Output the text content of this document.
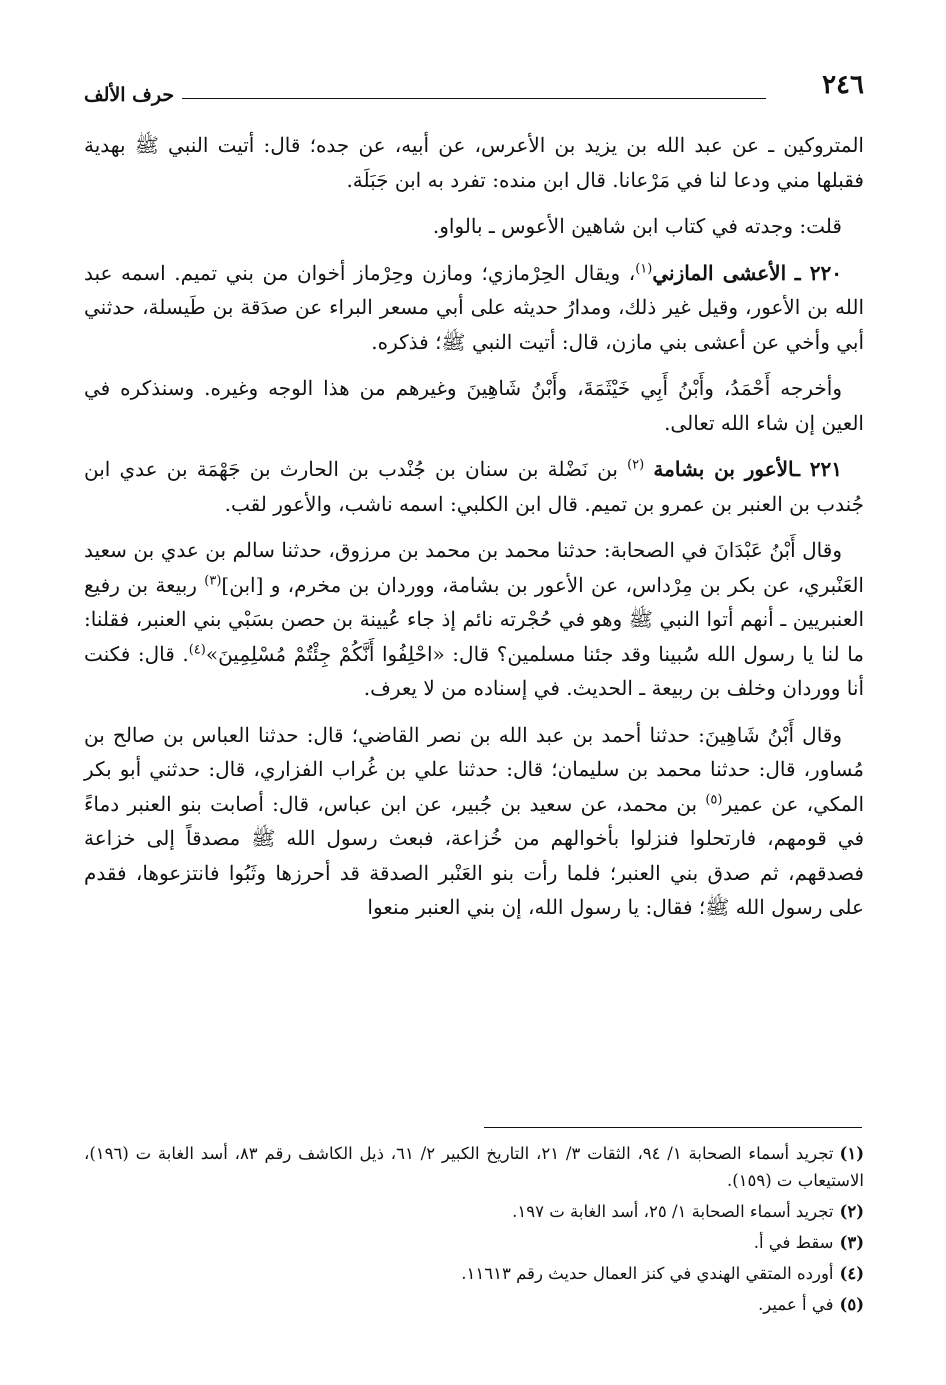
٢٤٦
حرف الألف

المتروكين ـ عن عبد الله بن يزيد بن الأعرس، عن أبيه، عن جده؛ قال: أتيت النبي ﷺ بهدية فقبلها مني ودعا لنا في مَرْعانا. قال ابن منده: تفرد به ابن جَبَلَة.

قلت: وجدته في كتاب ابن شاهين الأعوس ـ بالواو.

٢٢٠ ـ الأعشى المازني$^{(١)}$، ويقال الحِرْمازي؛ ومازن وحِرْماز أخوان من بني تميم. اسمه عبد الله بن الأعور، وقيل غير ذلك، ومدارُ حديثه على أبي مسعر البراء عن صدَقة بن طَيسلة، حدثني أبي وأخي عن أعشى بني مازن، قال: أتيت النبي ﷺ؛ فذكره.

وأخرجه أَحْمَدُ، وأَبْنُ أَبِي خَيْثَمَةَ، وأَبْنُ شَاهِينَ وغيرهم من هذا الوجه وغيره. وسنذكره في العين إن شاء الله تعالى.

٢٢١ ـالأعور بن بشامة $^{(٢)}$ بن نَضْلة بن سنان بن جُنْدب بن الحارث بن جَهْمَة بن عدي ابن جُندب بن العنبر بن عمرو بن تميم. قال ابن الكلبي: اسمه ناشب، والأعور لقب.

وقال أَبْنُ عَبْدَانَ في الصحابة: حدثنا محمد بن محمد بن مرزوق، حدثنا سالم بن عدي بن سعيد العَنْبري، عن بكر بن مِرْداس، عن الأعور بن بشامة، ووردان بن مخرم، و [ابن]$^{(٣)}$ ربيعة بن رفيع العنبريين ـ أنهم أتوا النبي ﷺ وهو في حُجْرته نائم إذ جاء عُيينة بن حصن بسَبْي بني العنبر، فقلنا: ما لنا يا رسول الله سُبينا وقد جئنا مسلمين؟ قال: «احْلِفُوا أَنَّكُمْ جِئْتُمْ مُسْلِمِينَ»$^{(٤)}$. قال: فكنت أنا ووردان وخلف بن ربيعة ـ الحديث. في إسناده من لا يعرف.

وقال أَبْنُ شَاهِينَ: حدثنا أحمد بن عبد الله بن نصر القاضي؛ قال: حدثنا العباس بن صالح بن مُساور، قال: حدثنا محمد بن سليمان؛ قال: حدثنا علي بن غُراب الفزاري، قال: حدثني أبو بكر المكي، عن عمير$^{(٥)}$ بن محمد، عن سعيد بن جُبير، عن ابن عباس، قال: أصابت بنو العنبر دماءً في قومهم، فارتحلوا فنزلوا بأخوالهم من خُزاعة، فبعث رسول الله ﷺ مصدقاً إلى خزاعة فصدقهم، ثم صدق بني العنبر؛ فلما رأت بنو العَنْبر الصدقة قد أحرزها وثَبُوا فانتزعوها، فقدم على رسول الله ﷺ؛ فقال: يا رسول الله، إن بني العنبر منعوا

(١)تجريد أسماء الصحابة ١/ ٩٤، الثقات ٣/ ٢١، التاريخ الكبير ٢/ ٦١، ذيل الكاشف رقم ٨٣، أسد الغابة ت (١٩٦)، الاستيعاب ت (١٥٩).
(٢)تجريد أسماء الصحابة ١/ ٢٥، أسد الغابة ت ١٩٧.
(٣)سقط في أ.
(٤)أورده المتقي الهندي في كنز العمال حديث رقم ١١٦١٣.
(٥)في أ عمير.
